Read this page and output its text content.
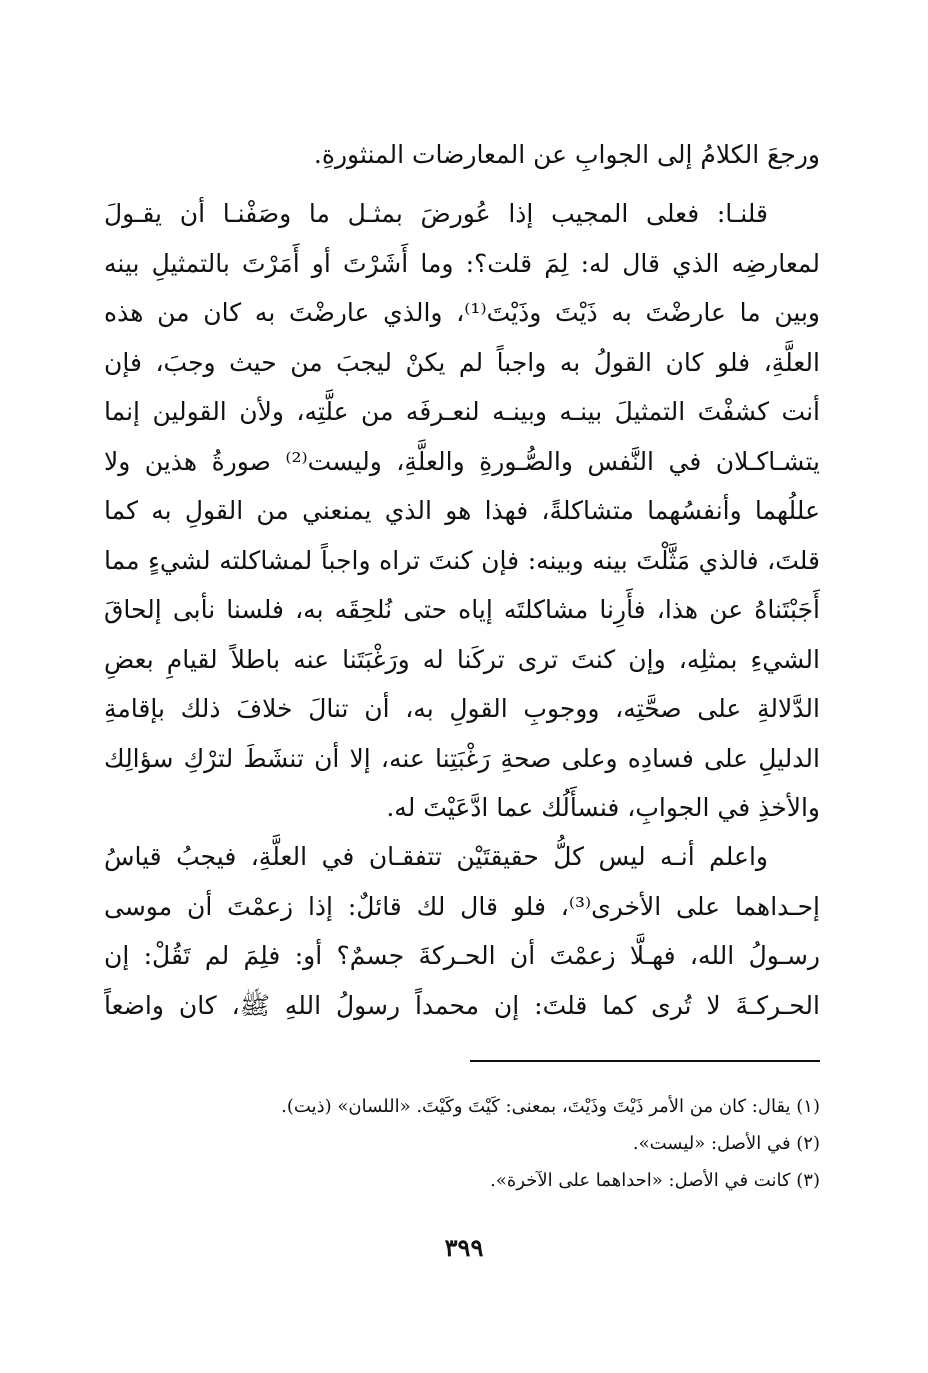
ورجعَ الكلامُ إلى الجوابِ عن المعارضات المنثورةِ.
قلنـا: فعلى المجيب إذا عُورضَ بمثـل ما وصَفْنـا أن يقـولَ
لمعارضِه الذي قال له: لِمَ قلت؟: وما أَشَرْتَ أو أَمَرْتَ بالتمثيلِ بينه
وبين ما عارضْتَ به ذَيْتَ وذَيْتَ⁽¹⁾، والذي عارضْتَ به كان من هذه
العلَّةِ، فلو كان القولُ به واجباً لم يكنْ ليجبَ من حيث وجبَ، فإن
أنت كشفْتَ التمثيلَ بينـه وبينـه لنعـرفَه من علَّتِه، ولأن القولين إنما
يتشـاكـلان في النَّفس والصُّـورةِ والعلَّةِ، وليست⁽²⁾ صورةُ هذين ولا
عللُهما وأنفسُهما متشاكلةً، فهذا هو الذي يمنعني من القولِ به كما
قلتَ، فالذي مَثَّلْتَ بينه وبينه: فإن كنتَ تراه واجباً لمشاكلته لشيءٍ مما
أَجَبْتَناهُ عن هذا، فأَرِنا مشاكلتَه إياه حتى نُلحِقَه به، فلسنا نأبى إلحاقَ
الشيءِ بمثلِه، وإن كنتَ ترى تركَنا له ورَغْبَتَنا عنه باطلاً لقيامِ بعضِ
الدَّلالةِ على صحَّتِه، ووجوبِ القولِ به، أن تنالَ خلافَ ذلك بإقامةِ
الدليلِ على فسادِه وعلى صحةِ رَغْبَتِنا عنه، إلا أن تنشَطَ لترْكِ سؤالِك
والأخذِ في الجوابِ، فنسأَلُك عما ادَّعَيْتَ له.
واعلم أنـه ليس كلُّ حقيقتَيْن تتفقـان في العلَّةِ، فيجبُ قياسُ
إحـداهما على الأخرى⁽³⁾، فلو قال لك قائلٌ: إذا زعمْتَ أن موسى
رسـولُ الله، فهـلَّا زعمْتَ أن الحـركةَ جسمٌ؟ أو: فلِمَ لم تَقُلْ: إن
الحـركـةَ لا تُرى كما قلتَ: إن محمداً رسولُ اللهِ ﷺ، كان واضعاً
(١) يقال: كان من الأمر ذَيْتَ وذَيْتَ، بمعنى: كَيْتَ وكَيْتَ. «اللسان» (ذيت).
(٢) في الأصل: «ليست».
(٣) كانت في الأصل: «احداهما على الآخرة».
٣٩٩
